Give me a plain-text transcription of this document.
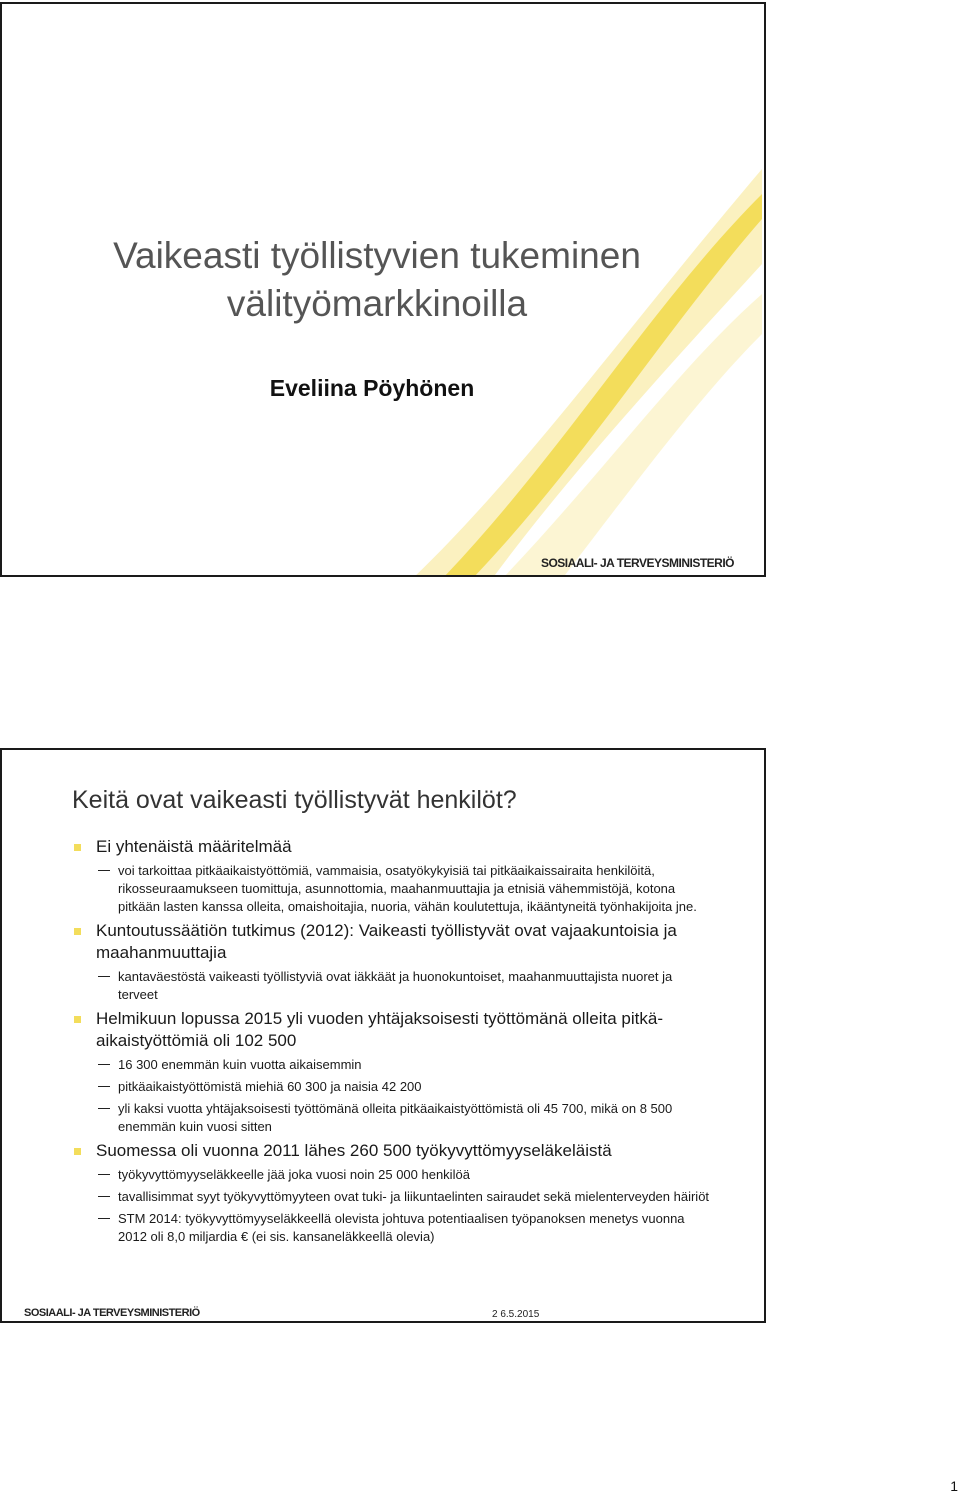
Vaikeasti työllistyvien tukeminen välityömarkkinoilla
Eveliina Pöyhönen
SOSIAALI- JA TERVEYSMINISTERIÖ
Keitä ovat vaikeasti työllistyvät henkilöt?
Ei yhtenäistä määritelmää
voi tarkoittaa pitkäaikaistyöttömiä, vammaisia, osatyökykyisiä tai pitkäaikaissairaita henkilöitä, rikosseuraamukseen tuomittuja, asunnottomia, maahanmuuttajia ja etnisiä vähemmistöjä, kotona pitkään lasten kanssa olleita, omaishoitajia, nuoria, vähän koulutettuja, ikääntyneitä työnhakijoita jne.
Kuntoutussäätiön tutkimus (2012): Vaikeasti työllistyvät ovat vajaakuntoisia ja maahanmuuttajia
kantaväestöstä vaikeasti työllistyviä ovat iäkkäät ja huonokuntoiset, maahanmuuttajista nuoret ja terveet
Helmikuun lopussa 2015 yli vuoden yhtäjaksoisesti työttömänä olleita pitkä-aikaistyöttömiä oli 102 500
16 300 enemmän kuin vuotta aikaisemmin
pitkäaikaistyöttömistä miehiä 60 300 ja naisia 42 200
yli kaksi vuotta yhtäjaksoisesti työttömänä olleita pitkäaikaistyöttömistä oli 45 700, mikä on 8 500 enemmän kuin vuosi sitten
Suomessa oli vuonna 2011 lähes 260 500 työkyvyttömyyseläkeläistä
työkyvyttömyyseläkkeelle jää joka vuosi noin 25 000 henkilöä
tavallisimmat syyt työkyvyttömyyteen ovat tuki- ja liikuntaelinten sairaudet sekä mielenterveyden häiriöt
STM 2014: työkyvyttömyyseläkkeellä olevista johtuva potentiaalisen työpanoksen menetys vuonna 2012 oli 8,0 miljardia € (ei sis. kansaneläkkeellä olevia)
SOSIAALI- JA TERVEYSMINISTERIÖ	2 6.5.2015
1
